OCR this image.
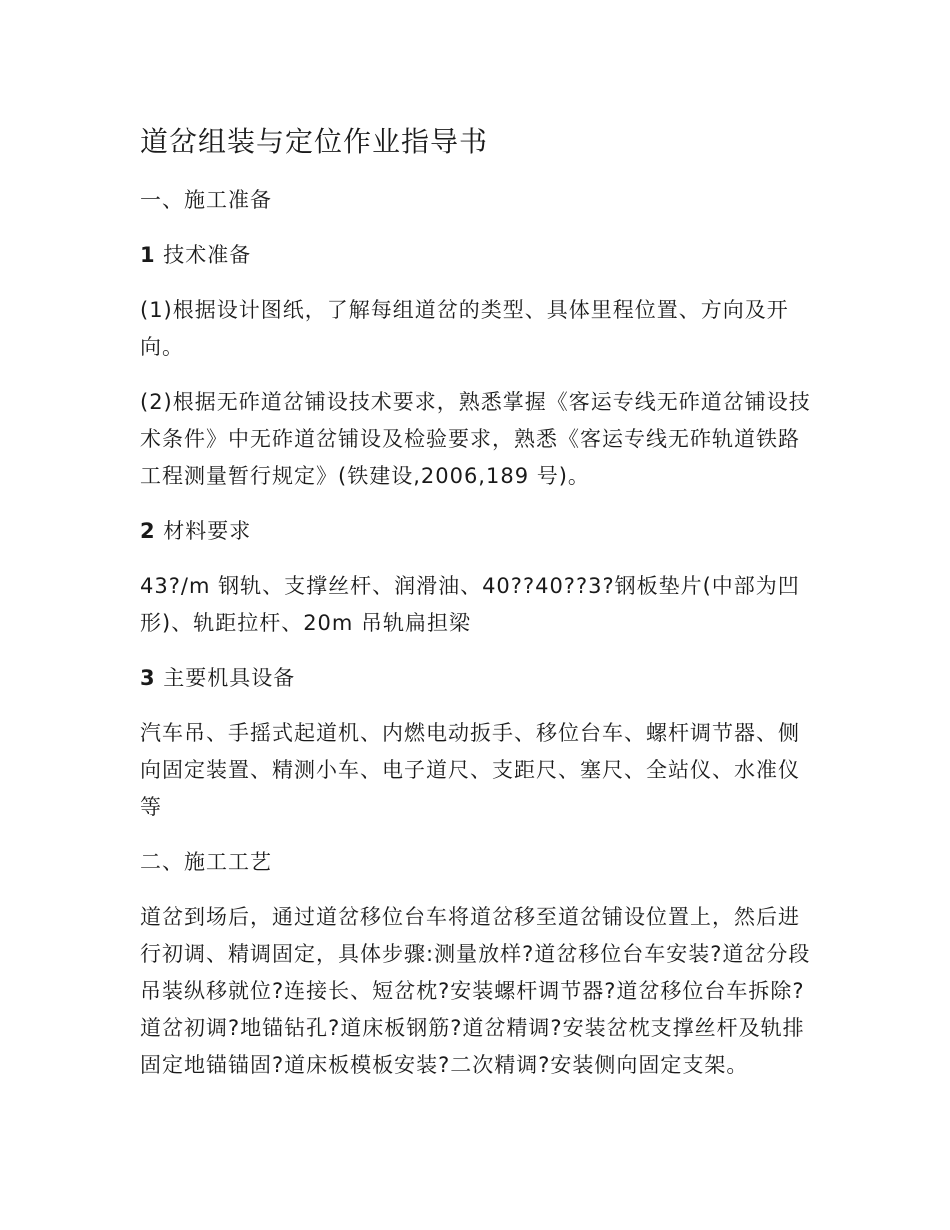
道岔组装与定位作业指导书
一、施工准备
1 技术准备
(1)根据设计图纸，了解每组道岔的类型、具体里程位置、方向及开向。
(2)根据无砟道岔铺设技术要求，熟悉掌握《客运专线无砟道岔铺设技术条件》中无砟道岔铺设及检验要求，熟悉《客运专线无砟轨道铁路工程测量暂行规定》(铁建设,2006,189 号)。
2 材料要求
43?/m 钢轨、支撑丝杆、润滑油、40??40??3?钢板垫片(中部为凹形)、轨距拉杆、20m 吊轨扁担梁
3 主要机具设备
汽车吊、手摇式起道机、内燃电动扳手、移位台车、螺杆调节器、侧向固定装置、精测小车、电子道尺、支距尺、塞尺、全站仪、水准仪等
二、施工工艺
道岔到场后，通过道岔移位台车将道岔移至道岔铺设位置上，然后进行初调、精调固定，具体步骤:测量放样?道岔移位台车安装?道岔分段吊装纵移就位?连接长、短岔枕?安装螺杆调节器?道岔移位台车拆除?道岔初调?地锚钻孔?道床板钢筋?道岔精调?安装岔枕支撑丝杆及轨排固定地锚锚固?道床板模板安装?二次精调?安装侧向固定支架。
